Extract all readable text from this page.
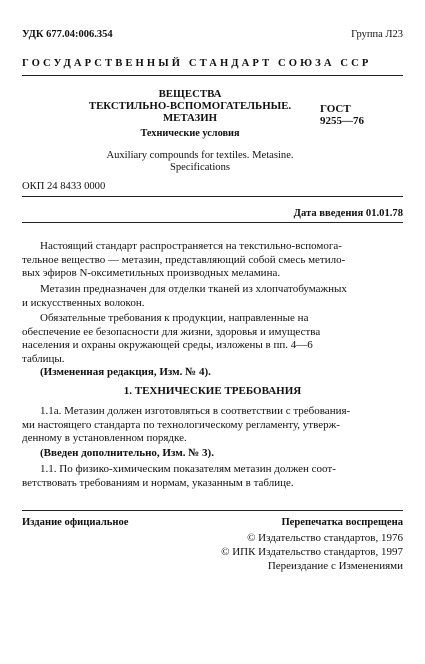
УДК 677.04:006.354	Группа Л23
ГОСУДАРСТВЕННЫЙ СТАНДАРТ СОЮЗА ССР
ВЕЩЕСТВА
ТЕКСТИЛЬНО-ВСПОМОГАТЕЛЬНЫЕ.
МЕТАЗИН
ГОСТ
9255—76
Технические условия
Auxiliary compounds for textiles. Metasine.
Specifications
ОКП 24 8433 0000
Дата введения 01.01.78
Настоящий стандарт распространяется на текстильно-вспомога-
тельное вещество — метазин, представляющий собой смесь метило-
вых эфиров N-оксиметильных производных меламина.
Метазин предназначен для отделки тканей из хлопчатобумажных
и искусственных волокон.
Обязательные требования к продукции, направленные на
обеспечение ее безопасности для жизни, здоровья и имущества
населения и охраны окружающей среды, изложены в пп. 4—6
таблицы.
(Измененная редакция, Изм. № 4).
1. ТЕХНИЧЕСКИЕ ТРЕБОВАНИЯ
1.1а. Метазин должен изготовляться в соответствии с требования-
ми настоящего стандарта по технологическому регламенту, утверж-
денному в установленном порядке.
(Введен дополнительно, Изм. № 3).
1.1. По физико-химическим показателям метазин должен соот-
ветствовать требованиям и нормам, указанным в таблице.
Издание официальное	Перепечатка воспрещена
© Издательство стандартов, 1976
© ИПК Издательство стандартов, 1997
Переиздание с Изменениями
